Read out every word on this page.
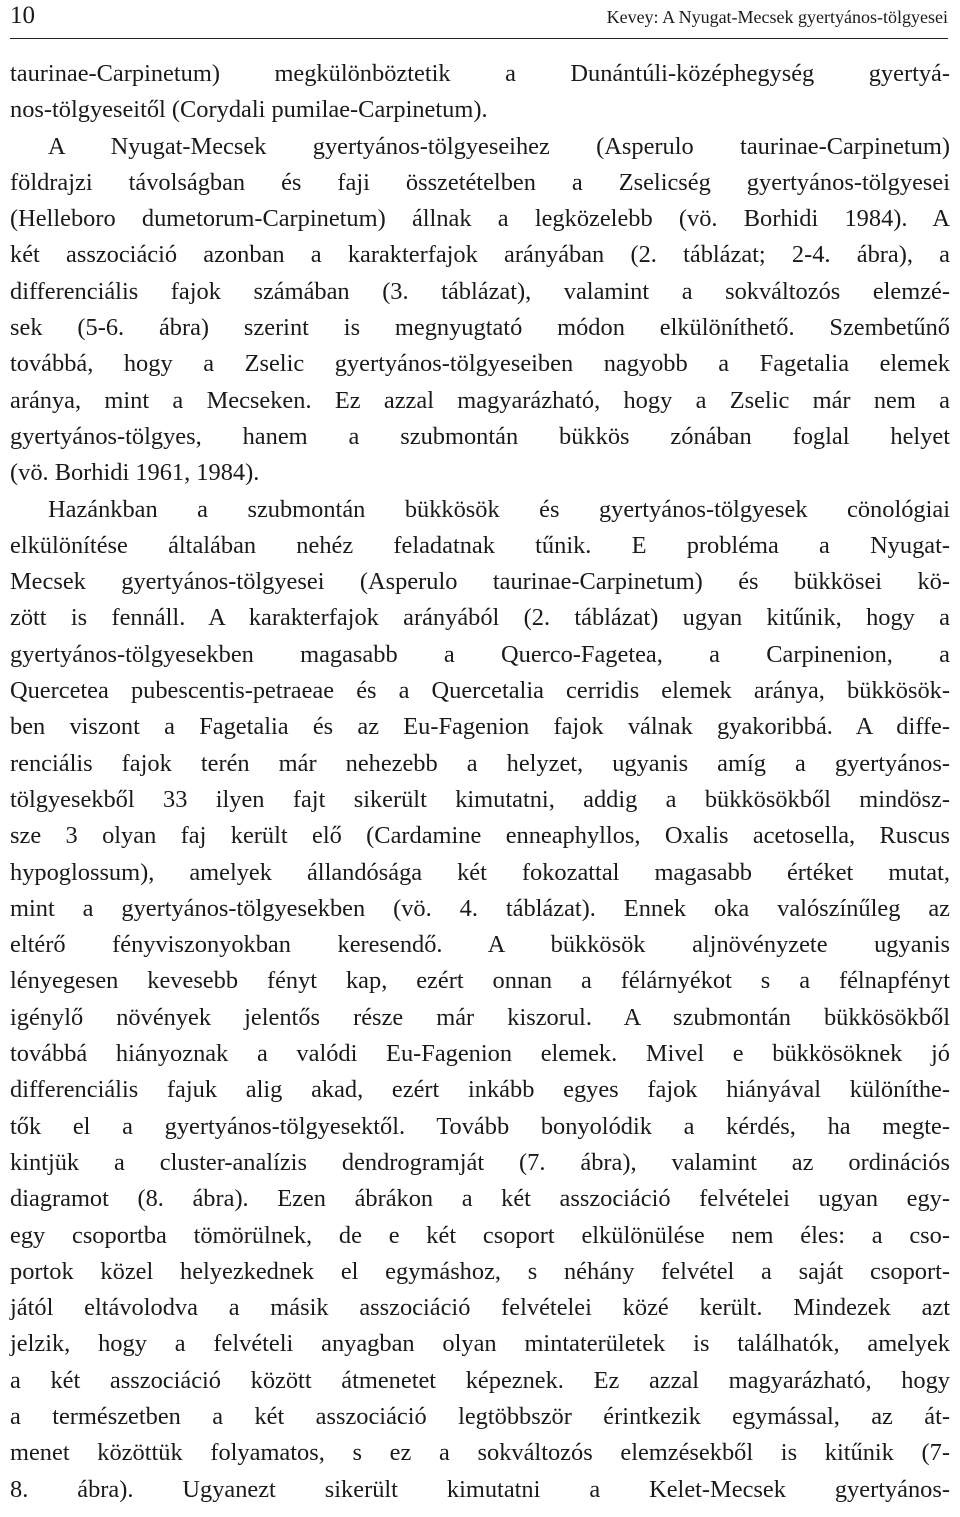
10	Kevey: A Nyugat-Mecsek gyertyános-tölgyesei
taurinae-Carpinetum) megkülönböztetik a Dunántúli-középhegység gyertyá-
nos-tölgyeseitől (Corydali pumilae-Carpinetum).
A Nyugat-Mecsek gyertyános-tölgyeseihez (Asperulo taurinae-Carpinetum)
földrajzi távolságban és faji összetételben a Zselicség gyertyános-tölgyesei
(Helleboro dumetorum-Carpinetum) állnak a legközelebb (vö. Borhidi 1984). A
két asszociáció azonban a karakterfajok arányában (2. táblázat; 2-4. ábra), a
differenciális fajok számában (3. táblázat), valamint a sokváltozós elemzé-
sek (5-6. ábra) szerint is megnyugtató módon elkülöníthető. Szembetűnő
továbbá, hogy a Zselic gyertyános-tölgyeseiben nagyobb a Fagetalia elemek
aránya, mint a Mecseken. Ez azzal magyarázható, hogy a Zselic már nem a
gyertyános-tölgyes, hanem a szubmontán bükkös zónában foglal helyet
(vö. Borhidi 1961, 1984).
Hazánkban a szubmontán bükkösök és gyertyános-tölgyesek cönológiai
elkülönítése általában nehéz feladatnak tűnik. E probléma a Nyugat-
Mecsek gyertyános-tölgyesei (Asperulo taurinae-Carpinetum) és bükkösei kö-
zött is fennáll. A karakterfajok arányából (2. táblázat) ugyan kitűnik, hogy a
gyertyános-tölgyesekben magasabb a Querco-Fagetea, a Carpinenion, a
Quercetea pubescentis-petraeae és a Quercetalia cerridis elemek aránya, bükkösök-
ben viszont a Fagetalia és az Eu-Fagenion fajok válnak gyakoribbá. A diffe-
renciális fajok terén már nehezebb a helyzet, ugyanis amíg a gyertyános-
tölgyesekből 33 ilyen fajt sikerült kimutatni, addig a bükkösökből mindösz-
sze 3 olyan faj került elő (Cardamine enneaphyllos, Oxalis acetosella, Ruscus
hypoglossum), amelyek állandósága két fokozattal magasabb értéket mutat,
mint a gyertyános-tölgyesekben (vö. 4. táblázat). Ennek oka valószínűleg az
eltérő fényviszonyokban keresendő. A bükkösök aljnövényzete ugyanis
lényegesen kevesebb fényt kap, ezért onnan a félárnyékot s a félnapfényt
igénylő növények jelentős része már kiszorul. A szubmontán bükkösökből
továbbá hiányoznak a valódi Eu-Fagenion elemek. Mivel e bükkösöknek jó
differenciális fajuk alig akad, ezért inkább egyes fajok hiányával különíthe-
tők el a gyertyános-tölgyesektől. Tovább bonyolódik a kérdés, ha megte-
kintjük a cluster-analízis dendrogramját (7. ábra), valamint az ordinációs
diagramot (8. ábra). Ezen ábrákon a két asszociáció felvételei ugyan egy-
egy csoportba tömörülnek, de e két csoport elkülönülése nem éles: a cso-
portok közel helyezkednek el egymáshoz, s néhány felvétel a saját csoport-
jától eltávolodva a másik asszociáció felvételei közé került. Mindezek azt
jelzik, hogy a felvételi anyagban olyan mintaterületek is találhatók, amelyek
a két asszociáció között átmenetet képeznek. Ez azzal magyarázható, hogy
a természetben a két asszociáció legtöbbször érintkezik egymással, az át-
menet közöttük folyamatos, s ez a sokváltozós elemzésekből is kitűnik (7-
8. ábra). Ugyanezt sikerült kimutatni a Kelet-Mecsek gyertyános-
